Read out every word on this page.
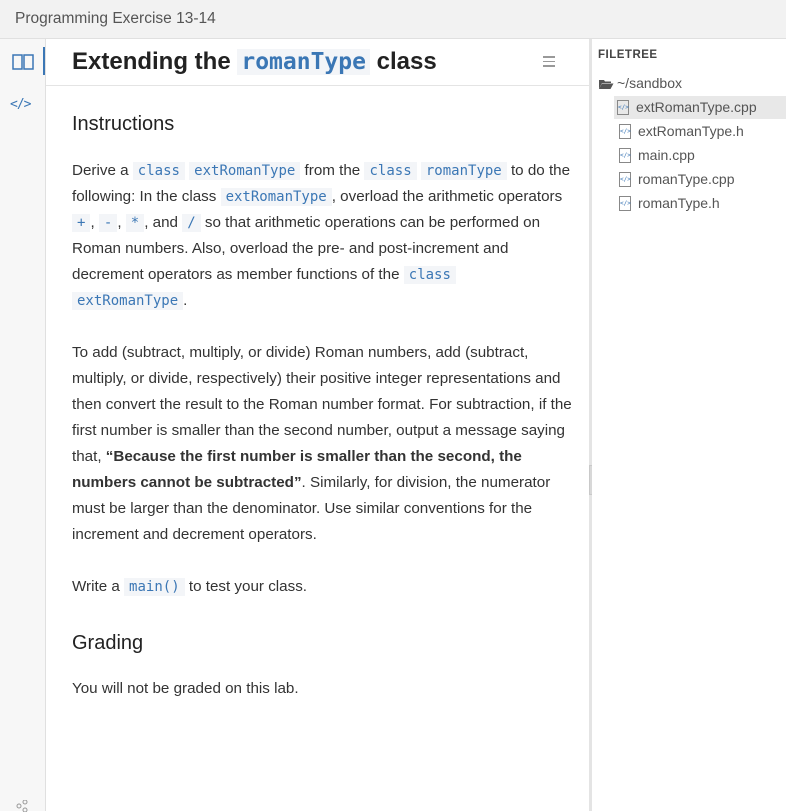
Programming Exercise 13-14
</>
Extending the romanType class
Instructions

Derive a class extRomanType from the class romanType to do the following: In the class extRomanType , overload the arithmetic operators + , - , * , and / so that arithmetic operations can be performed on Roman numbers. Also, overload the pre- and post-increment and decrement operators as member functions of the class extRomanType .

To add (subtract, multiply, or divide) Roman numbers, add (subtract, multiply, or divide, respectively) their positive integer representations and then convert the result to the Roman number format. For subtraction, if the first number is smaller than the second number, output a message saying that, “Because the first number is smaller than the second, the numbers cannot be subtracted”. Similarly, for division, the numerator must be larger than the denominator. Use similar conventions for the increment and decrement operators.

Write a main() to test your class.

Grading

You will not be graded on this lab.

FILETREE
~/sandbox
</> extRomanType.cpp
</> extRomanType.h
</> main.cpp
</> romanType.cpp
</> romanType.h
